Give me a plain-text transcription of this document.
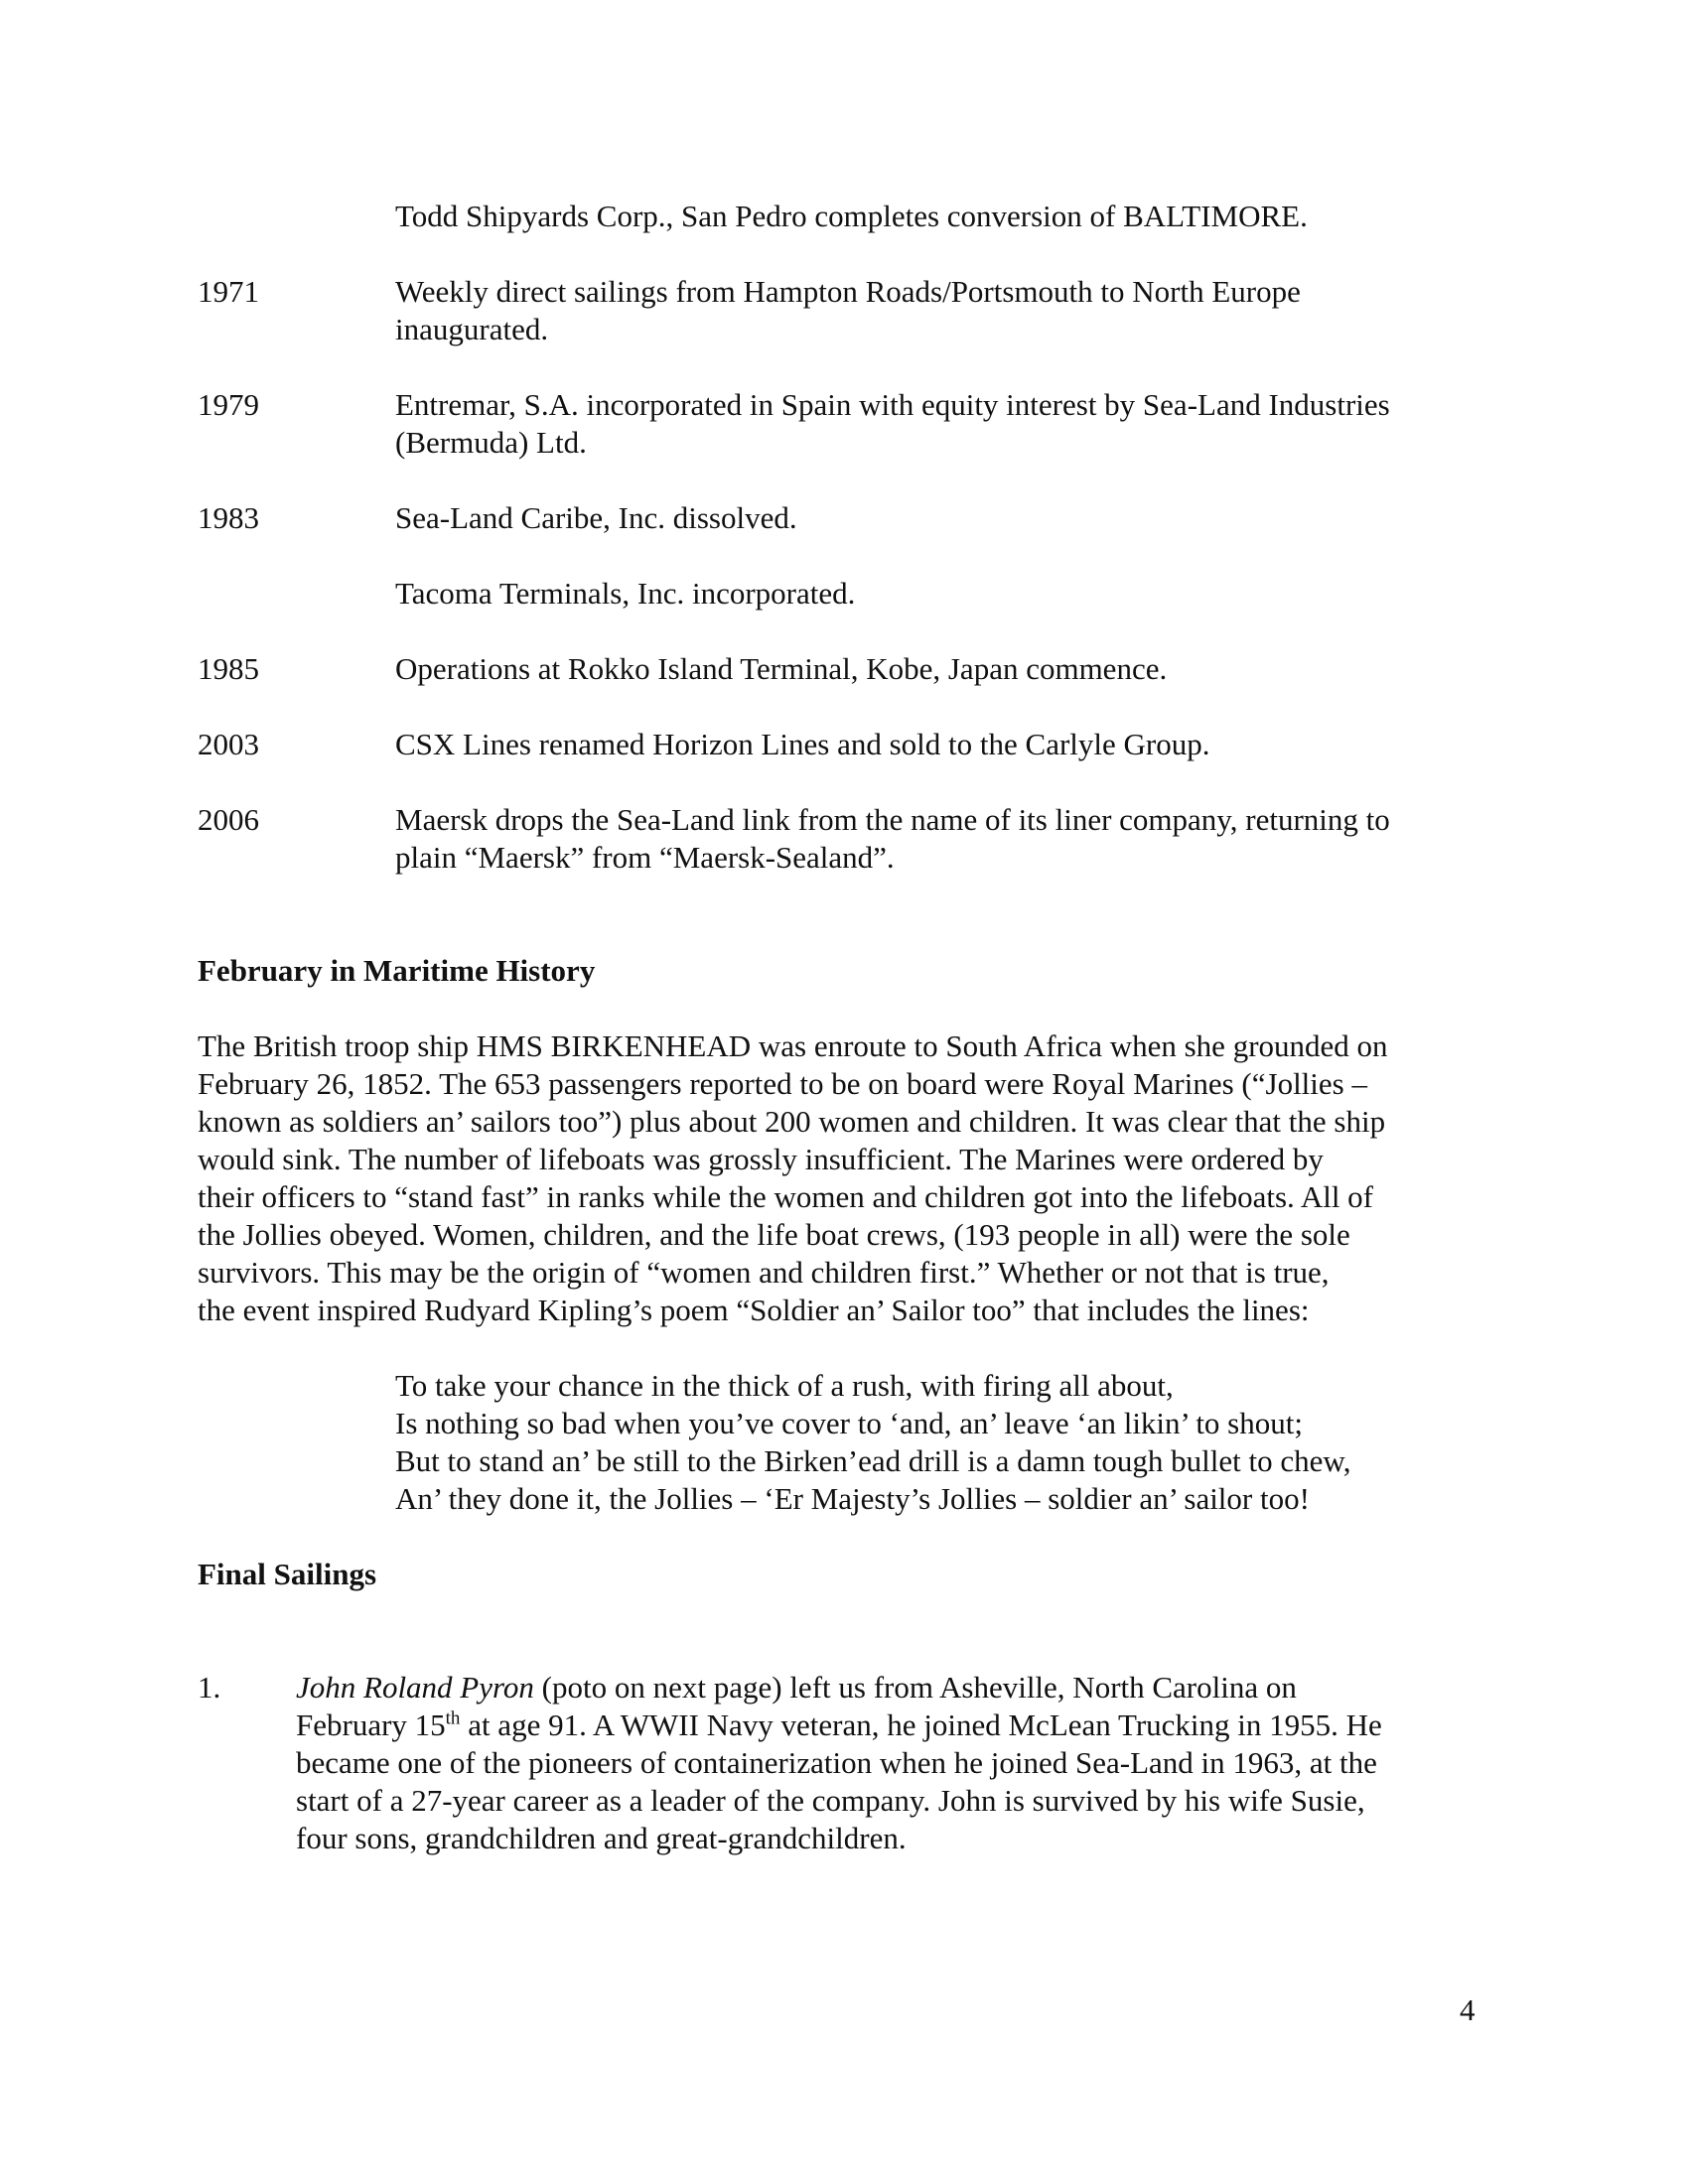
Todd Shipyards Corp., San Pedro completes conversion of BALTIMORE.
1971	Weekly direct sailings from Hampton Roads/Portsmouth to North Europe
inaugurated.
1979	Entremar, S.A. incorporated in Spain with equity interest by Sea-Land Industries
(Bermuda) Ltd.
1983	Sea-Land Caribe, Inc. dissolved.
Tacoma Terminals, Inc. incorporated.
1985	Operations at Rokko Island Terminal, Kobe, Japan commence.
2003	CSX Lines renamed Horizon Lines and sold to the Carlyle Group.
2006	Maersk drops the Sea-Land link from the name of its liner company, returning to
plain “Maersk” from “Maersk-Sealand”.
February in Maritime History
The British troop ship HMS BIRKENHEAD was enroute to South Africa when she grounded on
February 26, 1852. The 653 passengers reported to be on board were Royal Marines (“Jollies –
known as soldiers an’ sailors too”) plus about 200 women and children. It was clear that the ship
would sink. The number of lifeboats was grossly insufficient. The Marines were ordered by
their officers to “stand fast” in ranks while the women and children got into the lifeboats. All of
the Jollies obeyed. Women, children, and the life boat crews, (193 people in all) were the sole
survivors. This may be the origin of “women and children first.” Whether or not that is true,
the event inspired Rudyard Kipling’s poem “Soldier an’ Sailor too” that includes the lines:
To take your chance in the thick of a rush, with firing all about,
Is nothing so bad when you’ve cover to ‘and, an’ leave ‘an likin’ to shout;
But to stand an’ be still to the Birken’ead drill is a damn tough bullet to chew,
An’ they done it, the Jollies – ‘Er Majesty’s Jollies – soldier an’ sailor too!
Final Sailings
1. John Roland Pyron (poto on next page) left us from Asheville, North Carolina on
February 15th at age 91. A WWII Navy veteran, he joined McLean Trucking in 1955. He
became one of the pioneers of containerization when he joined Sea-Land in 1963, at the
start of a 27-year career as a leader of the company. John is survived by his wife Susie,
four sons, grandchildren and great-grandchildren.
4
